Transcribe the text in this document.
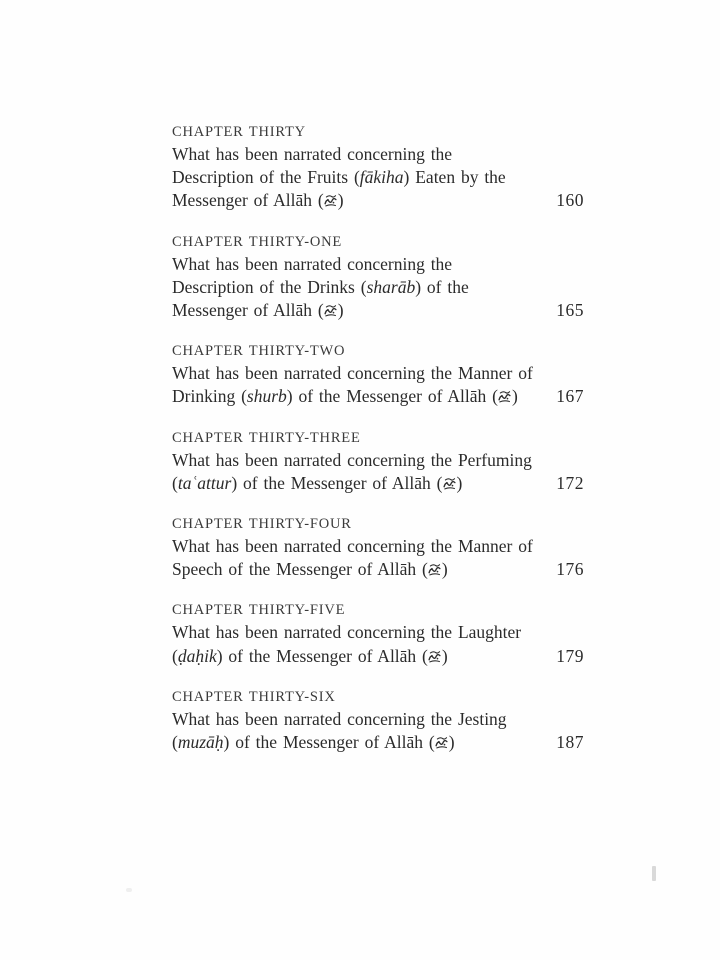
CHAPTER THIRTY
What has been narrated concerning the
Description of the Fruits (fākiha) Eaten by the
Messenger of Allāh ( )	160
CHAPTER THIRTY-ONE
What has been narrated concerning the
Description of the Drinks (sharāb) of the
Messenger of Allāh ( )	165
CHAPTER THIRTY-TWO
What has been narrated concerning the Manner of
Drinking (shurb) of the Messenger of Allāh ( ) 167
CHAPTER THIRTY-THREE
What has been narrated concerning the Perfuming
(taʿattur) of the Messenger of Allāh ( )	172
CHAPTER THIRTY-FOUR
What has been narrated concerning the Manner of
Speech of the Messenger of Allāh ( )	176
CHAPTER THIRTY-FIVE
What has been narrated concerning the Laughter
(ḍaḥik) of the Messenger of Allāh ( )	179
CHAPTER THIRTY-SIX
What has been narrated concerning the Jesting
(muzāḥ) of the Messenger of Allāh ( )	187
